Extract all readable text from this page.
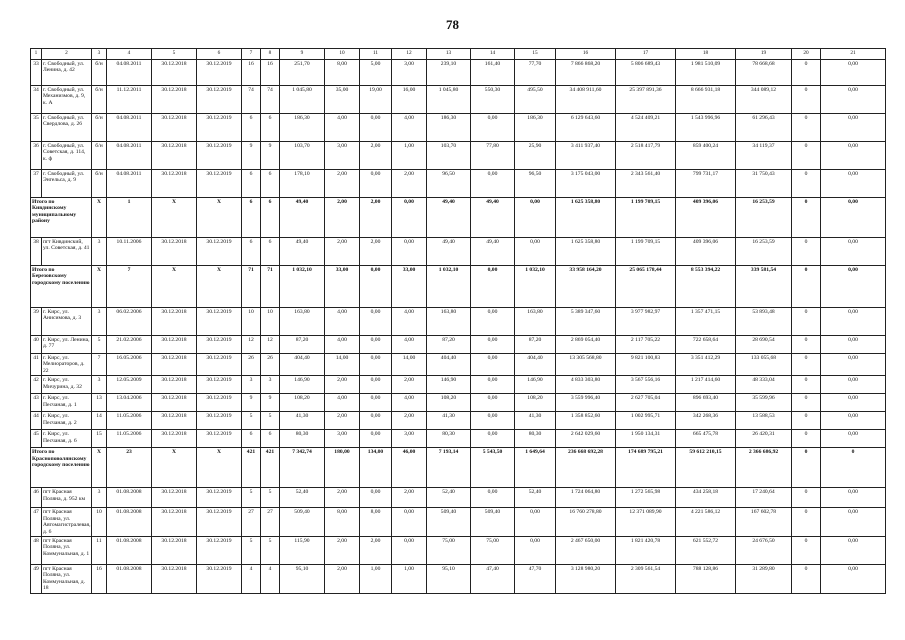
78
1	2	3	4	5	6	7	8	9	10	11	12	13	14	15	16	17	18	19	20	21
33	г. Свободный, ул. Ленина, д. 42	б/н	04.08.2011	30.12.2018	30.12.2019	16	16	251,70	8,00	5,00	3,00	239,10	161,40	77,70	7 866 868,20	5 806 689,43	1 981 510,09	78 668,68	0	0,00
34	г. Свободный, ул. Механизмов, д. 9, к. А	б/н	11.12.2011	30.12.2018	30.12.2019	74	74	1 045,80	35,00	19,00	16,00	1 045,80	550,30	495,50	34 408 911,60	25 397 891,36	8 666 931,18	344 089,12	0	0,00
35	г. Свободный, ул. Свердлова, д. 26	б/н	04.08.2011	30.12.2018	30.12.2019	6	6	186,30	4,00	0,00	4,00	186,30	0,00	186,30	6 129 643,60	4 524 409,21	1 543 996,96	61 296,43	0	0,00
36	г. Свободный, ул. Советская, д. 114, к. ф	б/н	04.08.2011	30.12.2018	30.12.2019	9	9	103,70	3,00	2,00	1,00	103,70	77,80	25,90	3 411 937,40	2 518 417,79	859 400,24	34 119,37	0	0,00
37	г. Свободный, ул. Энгельса, д. 9	б/н	04.08.2011	30.12.2018	30.12.2019	6	6	178,10	2,00	0,00	2,00	96,50	0,00	96,50	3 175 043,00	2 343 561,40	799 731,17	31 750,43	0	0,00
Итого по Кивдинскому муниципальному району		X	1	X	X	6	6	49,40	2,00	2,00	0,00	49,40	49,40	0,00	1 625 358,80	1 199 709,15	409 396,06	16 253,59	0	0,00
38	пгт Кивдинский, ул. Советская, д. 41	3	10.11.2006	30.12.2018	30.12.2019	6	6	49,40	2,00	2,00	0,00	49,40	49,40	0,00	1 625 358,80	1 199 709,15	409 396,06	16 253,59	0	0,00
Итого по Березовскому городскому поселению		X	7	X	X	71	71	1 032,10	33,00	0,00	33,00	1 032,10	0,00	1 032,10	33 958 164,20	25 065 178,44	8 553 394,22	339 581,54	0	0,00
39	г. Кирс, ул. Анисимова, д. 3	3	06.02.2006	30.12.2018	30.12.2019	10	10	163,80	4,00	0,00	4,00	163,80	0,00	163,80	5 389 347,60	3 977 982,97	1 357 471,15	53 893,48	0	0,00
40	г. Кирс, ул. Ленина, д. 77	5	21.02.2006	30.12.2018	30.12.2019	12	12	87,20	4,00	0,00	4,00	87,20	0,00	87,20	2 869 054,40	2 117 705,22	722 658,64	28 690,54	0	0,00
41	г. Кирс, ул. Мелиораторов, д. 22	7	16.05.2006	30.12.2018	30.12.2019	26	26	404,40	14,00	0,00	14,00	404,40	0,00	404,40	13 305 568,80	9 821 100,83	3 351 412,29	133 055,68	0	0,00
42	г. Кирс, ул. Мичурина, д. 32	3	12.05.2009	30.12.2018	30.12.2019	3	3	146,90	2,00	0,00	2,00	146,90	0,00	146,90	4 833 303,80	3 567 556,16	1 217 414,60	48 333,04	0	0,00
43	г. Кирс, ул. Песчаная, д. 1	13	13.04.2006	30.12.2018	30.12.2019	9	9	108,20	4,00	0,00	4,00	108,20	0,00	108,20	3 559 996,40	2 627 705,04	896 693,40	35 599,96	0	0,00
44	г. Кирс, ул. Песчаная, д. 2	14	11.05.2006	30.12.2018	30.12.2019	5	5	41,30	2,00	0,00	2,00	41,30	0,00	41,30	1 358 852,60	1 002 995,71	342 268,36	13 588,53	0	0,00
45	г. Кирс, ул. Песчаная, д. 6	15	11.05.2006	30.12.2018	30.12.2019	6	6	80,30	3,00	0,00	3,00	80,30	0,00	80,30	2 642 029,60	1 950 134,31	665 475,78	26 420,31	0	0,00
Итого по Красноповолянскому городскому поселению		X	23	X	X	421	421	7 342,74	180,00	134,00	46,00	7 193,14	5 543,50	1 649,64	236 668 692,28	174 689 795,21	59 612 210,15	2 366 686,92	0	0
46	пгт Красная Поляна, д. 952 км	3	01.08.2008	30.12.2018	30.12.2019	5	5	52,40	2,00	0,00	2,00	52,40	0,00	52,40	1 724 064,80	1 272 565,98	434 258,18	17 240,64	0	0,00
47	пгт Красная Поляна, ул. Автомагистралевая, д. 6	10	01.08.2008	30.12.2018	30.12.2019	27	27	509,40	8,00	8,00	0,00	509,40	509,40	0,00	16 760 278,80	12 371 089,90	4 221 586,12	167 602,78	0	0,00
48	пгт Красная Поляна, ул. Коммунальная, д. 1	11	01.08.2008	30.12.2018	30.12.2019	5	5	115,90	2,00	2,00	0,00	75,00	75,00	0,00	2 467 650,00	1 821 420,78	621 552,72	24 676,50	0	0,00
49	пгт Красная Поляна, ул. Коммунальная, д. 18	16	01.08.2008	30.12.2018	30.12.2019	4	4	95,10	2,00	1,00	1,00	95,10	47,40	47,70	3 128 980,20	2 309 561,54	788 128,86	31 289,80	0	0,00
